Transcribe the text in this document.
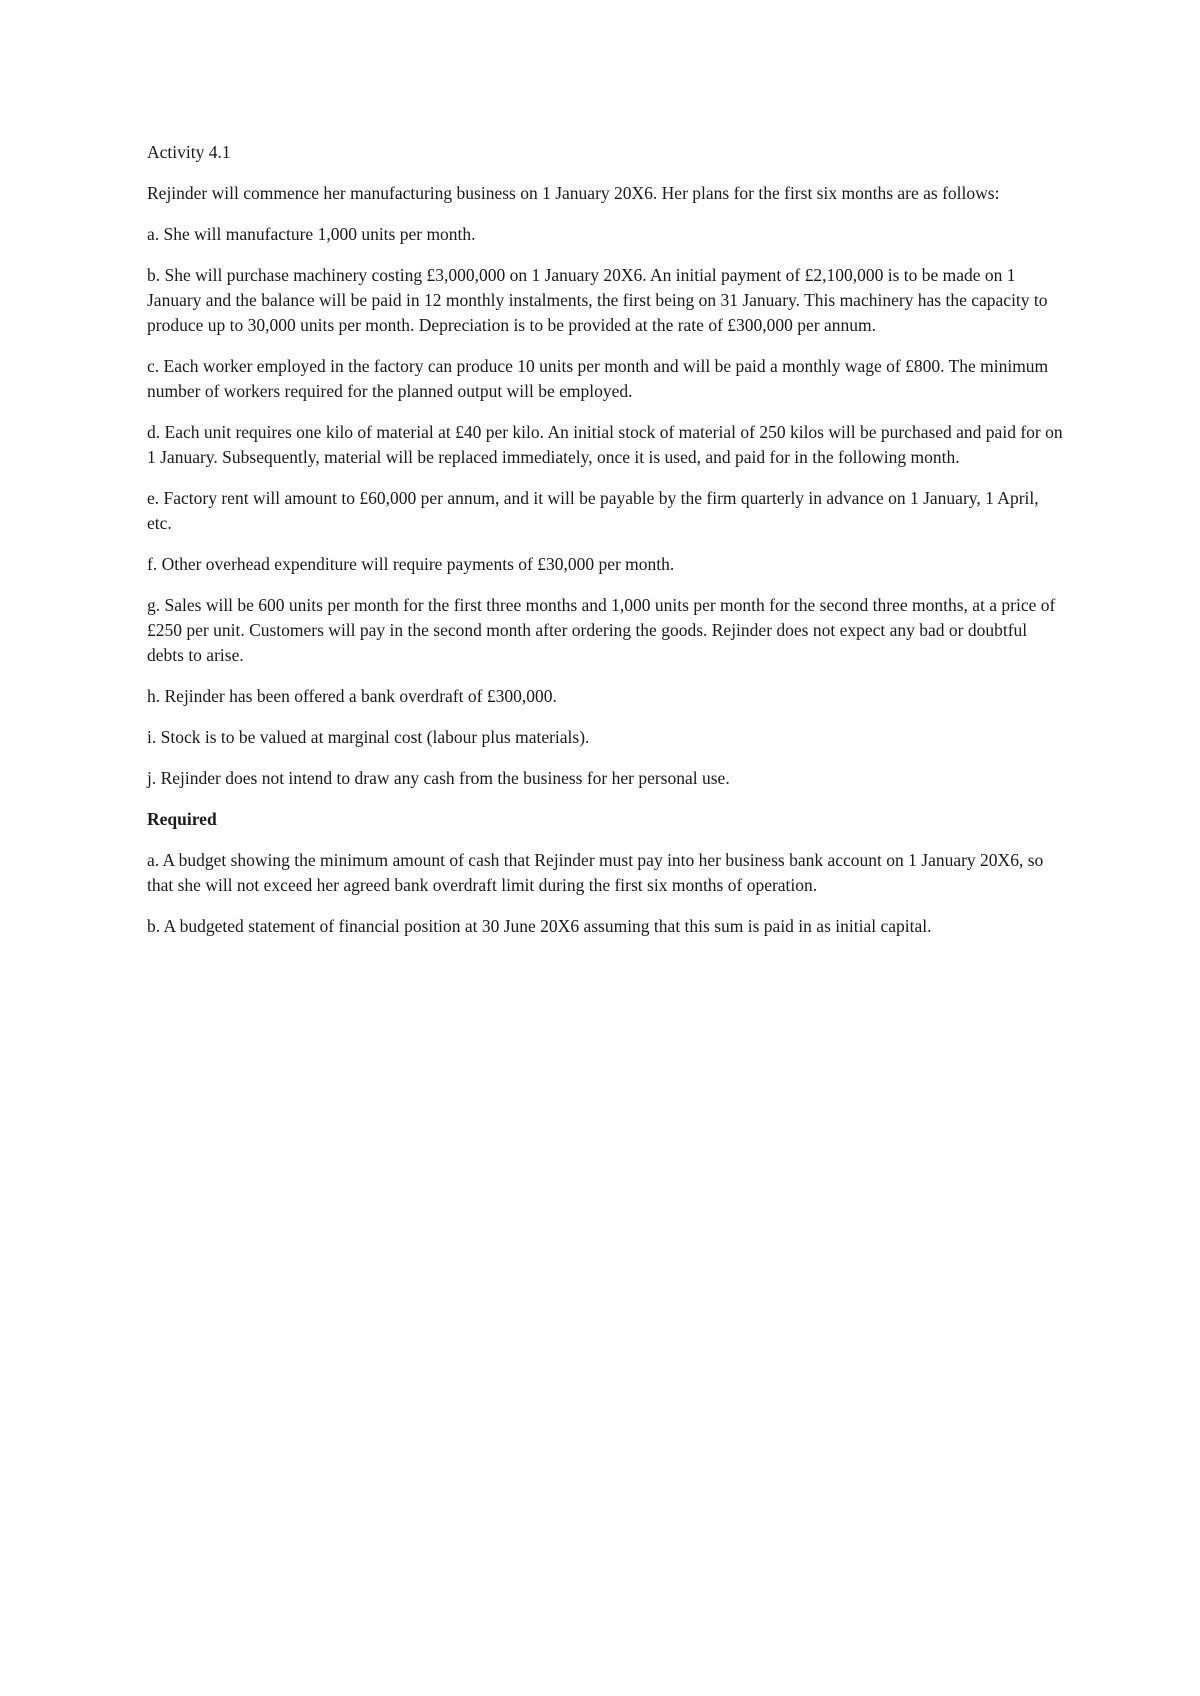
Activity 4.1

Rejinder will commence her manufacturing business on 1 January 20X6. Her plans for the first six months are as follows:

a. She will manufacture 1,000 units per month.

b. She will purchase machinery costing £3,000,000 on 1 January 20X6. An initial payment of £2,100,000 is to be made on 1 January and the balance will be paid in 12 monthly instalments, the first being on 31 January. This machinery has the capacity to produce up to 30,000 units per month. Depreciation is to be provided at the rate of £300,000 per annum.

c. Each worker employed in the factory can produce 10 units per month and will be paid a monthly wage of £800. The minimum number of workers required for the planned output will be employed.

d. Each unit requires one kilo of material at £40 per kilo. An initial stock of material of 250 kilos will be purchased and paid for on 1 January. Subsequently, material will be replaced immediately, once it is used, and paid for in the following month.

e. Factory rent will amount to £60,000 per annum, and it will be payable by the firm quarterly in advance on 1 January, 1 April, etc.

f. Other overhead expenditure will require payments of £30,000 per month.

g. Sales will be 600 units per month for the first three months and 1,000 units per month for the second three months, at a price of £250 per unit. Customers will pay in the second month after ordering the goods. Rejinder does not expect any bad or doubtful debts to arise.

h. Rejinder has been offered a bank overdraft of £300,000.

i. Stock is to be valued at marginal cost (labour plus materials).

j. Rejinder does not intend to draw any cash from the business for her personal use.

Required

a. A budget showing the minimum amount of cash that Rejinder must pay into her business bank account on 1 January 20X6, so that she will not exceed her agreed bank overdraft limit during the first six months of operation.

b. A budgeted statement of financial position at 30 June 20X6 assuming that this sum is paid in as initial capital.
